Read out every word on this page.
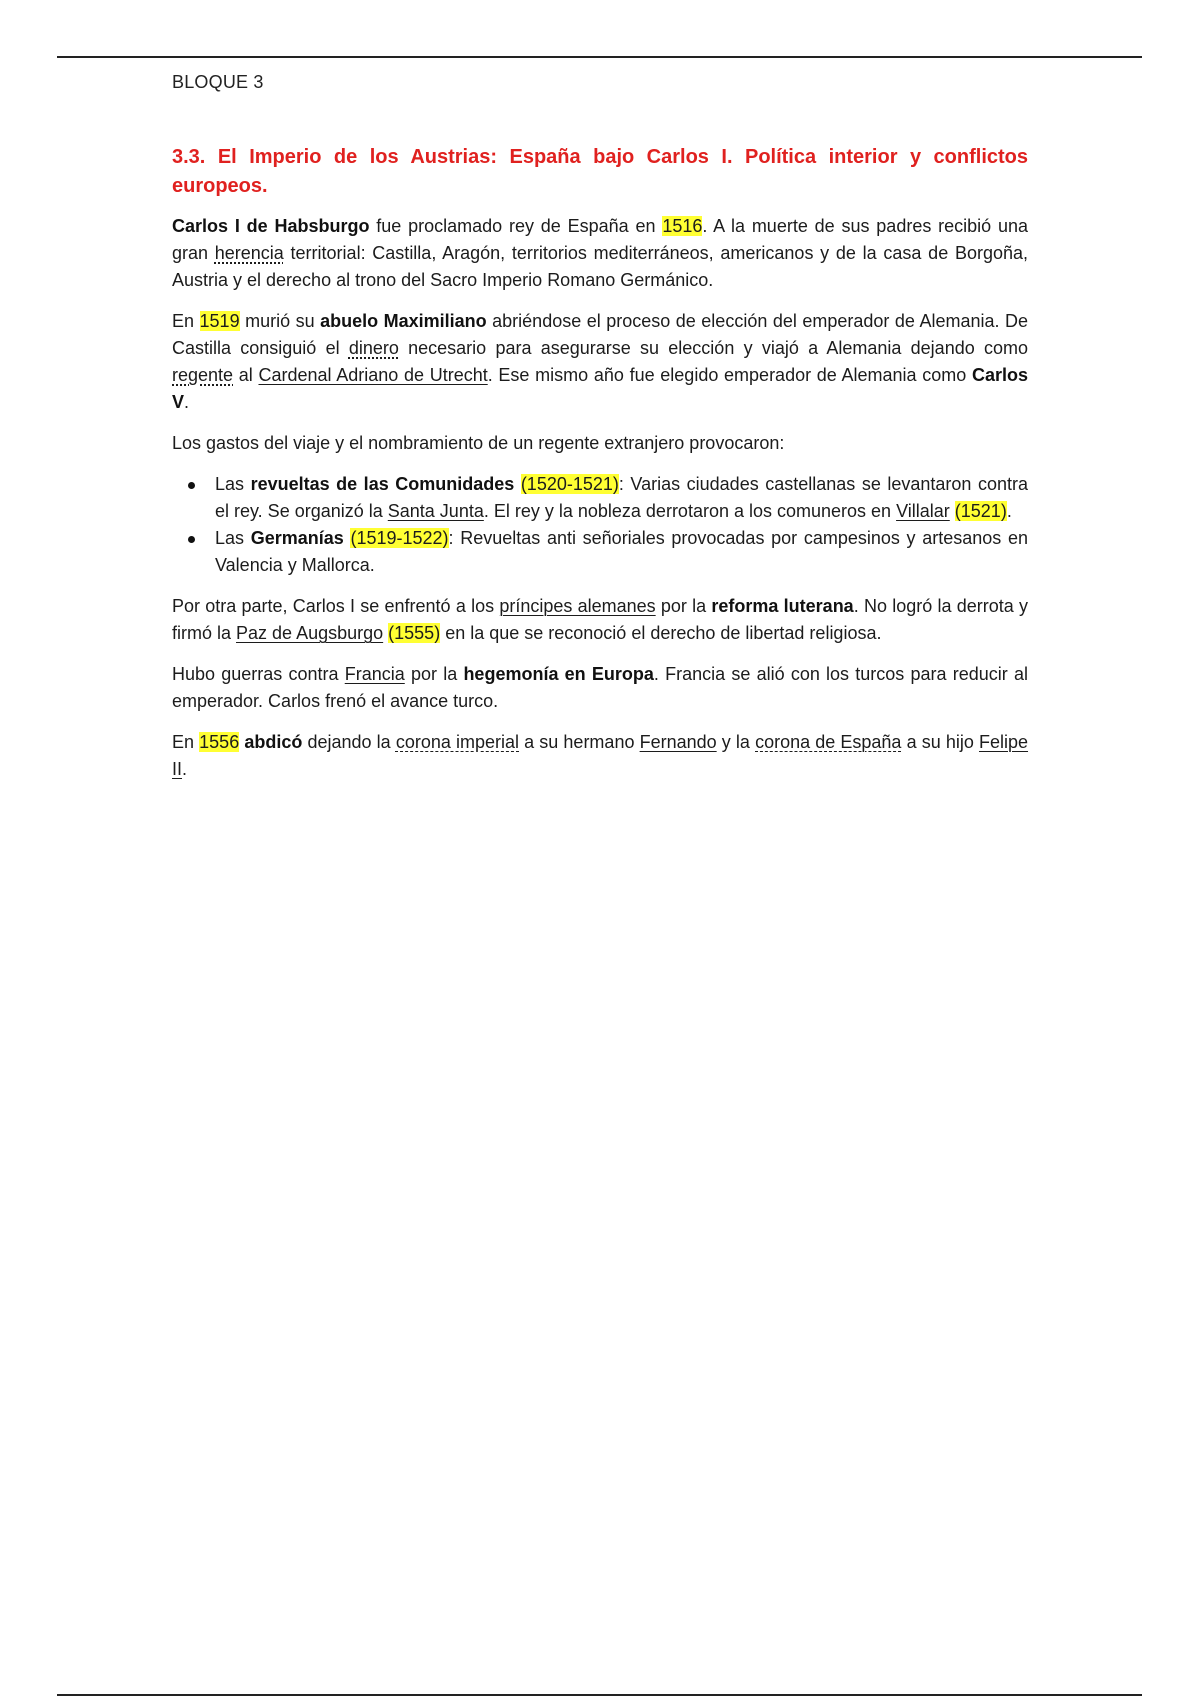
BLOQUE 3
3.3. El Imperio de los Austrias: España bajo Carlos I. Política interior y conflictos europeos.

Carlos I de Habsburgo fue proclamado rey de España en 1516. A la muerte de sus padres recibió una gran herencia territorial: Castilla, Aragón, territorios mediterráneos, americanos y de la casa de Borgoña, Austria y el derecho al trono del Sacro Imperio Romano Germánico.

En 1519 murió su abuelo Maximiliano abriéndose el proceso de elección del emperador de Alemania. De Castilla consiguió el dinero necesario para asegurarse su elección y viajó a Alemania dejando como regente al Cardenal Adriano de Utrecht. Ese mismo año fue elegido emperador de Alemania como Carlos V.

Los gastos del viaje y el nombramiento de un regente extranjero provocaron:

Las revueltas de las Comunidades (1520-1521): Varias ciudades castellanas se levantaron contra el rey. Se organizó la Santa Junta. El rey y la nobleza derrotaron a los comuneros en Villalar (1521).
Las Germanías (1519-1522): Revueltas anti señoriales provocadas por campesinos y artesanos en Valencia y Mallorca.

Por otra parte, Carlos I se enfrentó a los príncipes alemanes por la reforma luterana. No logró la derrota y firmó la Paz de Augsburgo (1555) en la que se reconoció el derecho de libertad religiosa.

Hubo guerras contra Francia por la hegemonía en Europa. Francia se alió con los turcos para reducir al emperador. Carlos frenó el avance turco.

En 1556 abdicó dejando la corona imperial a su hermano Fernando y la corona de España a su hijo Felipe II.
